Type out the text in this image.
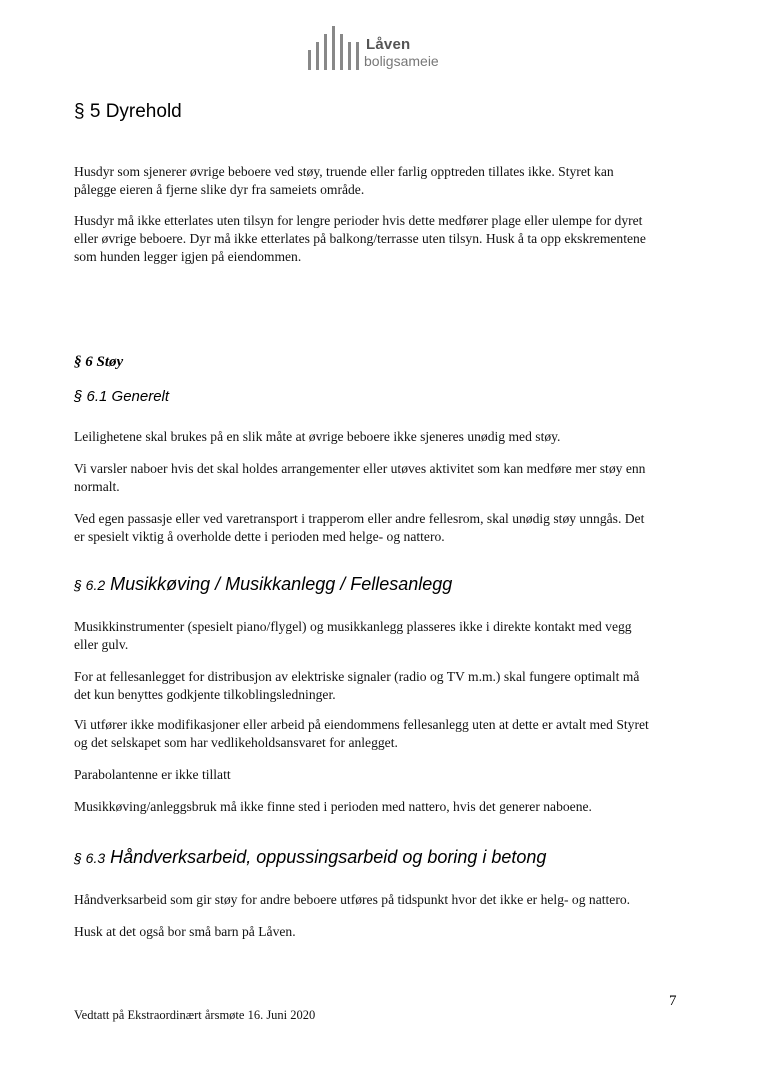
Låven
boligsameie
§ 5 Dyrehold

Husdyr som sjenerer øvrige beboere ved støy, truende eller farlig opptreden tillates ikke. Styret kan
pålegge eieren å fjerne slike dyr fra sameiets område.

Husdyr må ikke etterlates uten tilsyn for lengre perioder hvis dette medfører plage eller ulempe for dyret
eller øvrige beboere. Dyr må ikke etterlates på balkong/terrasse uten tilsyn. Husk å ta opp ekskrementene
som hunden legger igjen på eiendommen.

§ 6 Støy
§ 6.1 Generelt

Leilighetene skal brukes på en slik måte at øvrige beboere ikke sjeneres unødig med støy.

Vi varsler naboer hvis det skal holdes arrangementer eller utøves aktivitet som kan medføre mer støy enn
normalt.

Ved egen passasje eller ved varetransport i trapperom eller andre fellesrom, skal unødig støy unngås. Det
er spesielt viktig å overholde dette i perioden med helge- og nattero.

§ 6.2 Musikkøving / Musikkanlegg / Fellesanlegg

Musikkinstrumenter (spesielt piano/flygel) og musikkanlegg plasseres ikke i direkte kontakt med vegg
eller gulv.

For at fellesanlegget for distribusjon av elektriske signaler (radio og TV m.m.) skal fungere optimalt må
det kun benyttes godkjente tilkoblingsledninger.

Vi utfører ikke modifikasjoner eller arbeid på eiendommens fellesanlegg uten at dette er avtalt med Styret
og det selskapet som har vedlikeholdsansvaret for anlegget.

Parabolantenne er ikke tillatt

Musikkøving/anleggsbruk må ikke finne sted i perioden med nattero, hvis det generer naboene.

§ 6.3 Håndverksarbeid, oppussingsarbeid og boring i betong

Håndverksarbeid som gir støy for andre beboere utføres på tidspunkt hvor det ikke er helg- og nattero.

Husk at det også bor små barn på Låven.

7
Vedtatt på Ekstraordinært årsmøte 16. Juni 2020
